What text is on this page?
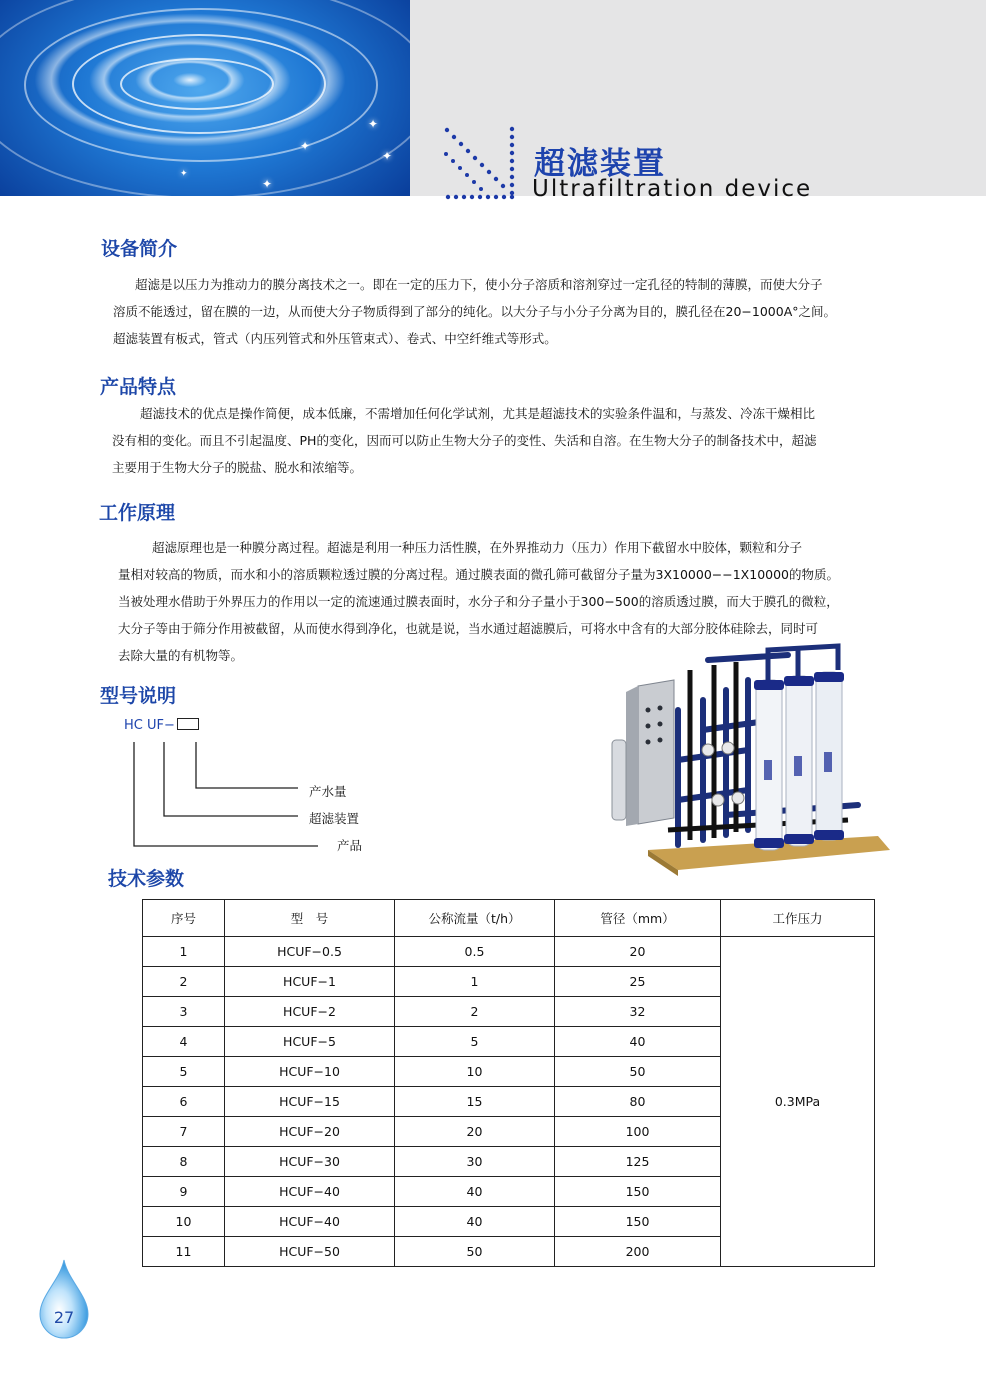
✦
✦
✦
✦
✦	超滤装置
Ultrafiltration device
设备简介
超滤是以压力为推动力的膜分离技术之一。即在一定的压力下，使小分子溶质和溶剂穿过一定孔径的特制的薄膜，而使大分子
溶质不能透过，留在膜的一边，从而使大分子物质得到了部分的纯化。以大分子与小分子分离为目的，膜孔径在20−1000A°之间。
超滤装置有板式，管式（内压列管式和外压管束式）、卷式、中空纤维式等形式。
产品特点
超滤技术的优点是操作简便，成本低廉，不需增加任何化学试剂，尤其是超滤技术的实验条件温和，与蒸发、冷冻干燥相比
没有相的变化。而且不引起温度、PH的变化，因而可以防止生物大分子的变性、失活和自溶。在生物大分子的制备技术中，超滤
主要用于生物大分子的脱盐、脱水和浓缩等。
工作原理
超滤原理也是一种膜分离过程。超滤是利用一种压力活性膜，在外界推动力（压力）作用下截留水中胶体，颗粒和分子
量相对较高的物质，而水和小的溶质颗粒透过膜的分离过程。通过膜表面的微孔筛可截留分子量为3X10000−−1X10000的物质。
当被处理水借助于外界压力的作用以一定的流速通过膜表面时，水分子和分子量小于300−500的溶质透过膜，而大于膜孔的微粒，
大分子等由于筛分作用被截留，从而使水得到净化，也就是说，当水通过超滤膜后，可将水中含有的大部分胶体硅除去，同时可
去除大量的有机物等。
型号说明
HC UF−
产水量
超滤装置
产品
技术参数
序号	型　号	公称流量（t/h）	管径（mm）	工作压力
1	HCUF−0.5	0.5	20	0.3MPa
2	HCUF−1	1	25	
3	HCUF−2	2	32	
4	HCUF−5	5	40	
5	HCUF−10	10	50	
6	HCUF−15	15	80	
7	HCUF−20	20	100	
8	HCUF−30	30	125	
9	HCUF−40	40	150	
10	HCUF−40	40	150	
11	HCUF−50	50	200	
27
